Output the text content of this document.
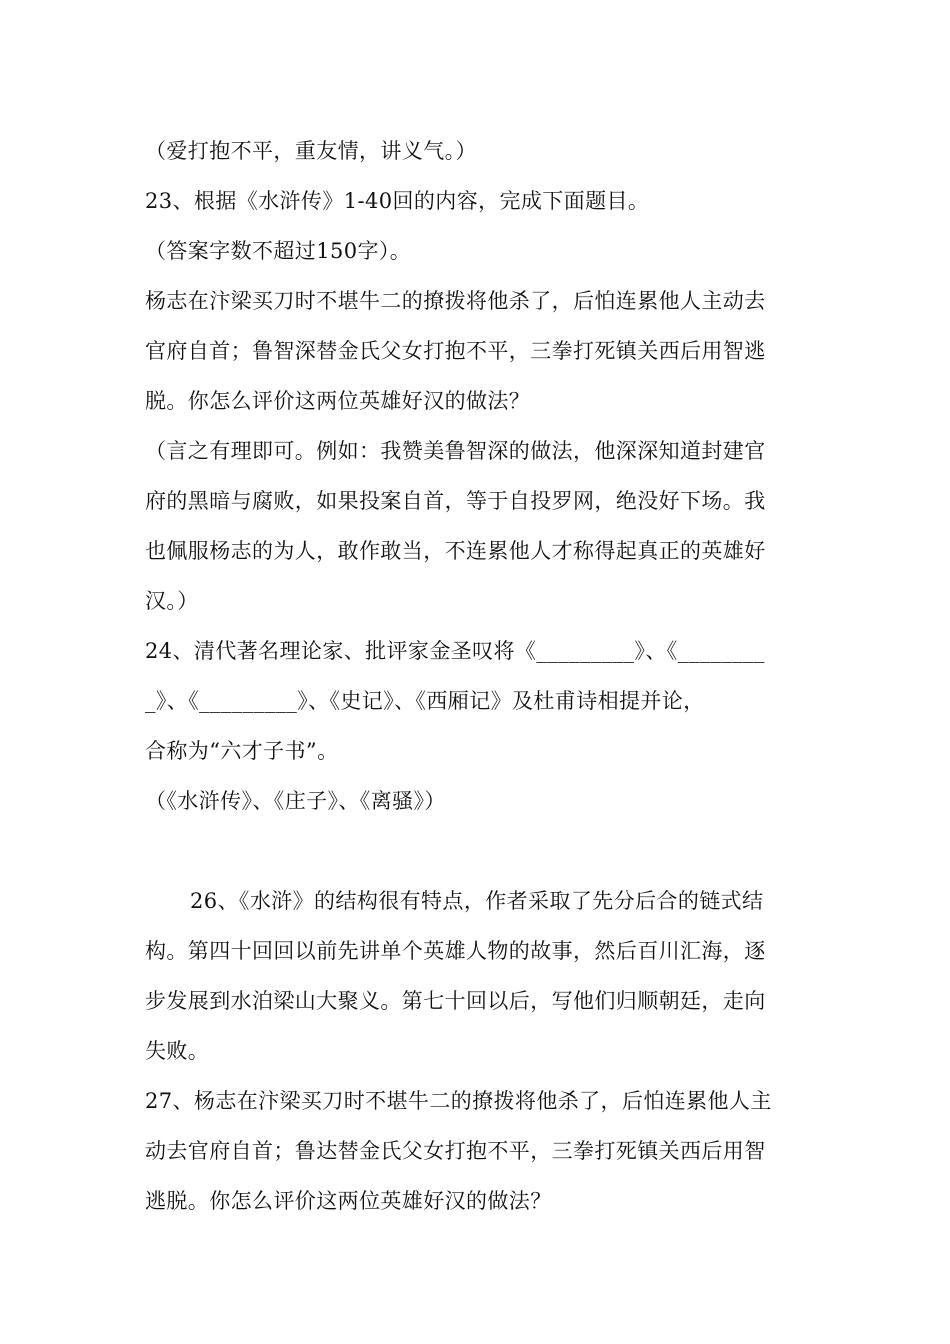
（爱打抱不平，重友情，讲义气。）
23、根据《水浒传》1-40回的内容，完成下面题目。
（答案字数不超过150字）。
杨志在汴梁买刀时不堪牛二的撩拨将他杀了，后怕连累他人主动去
官府自首；鲁智深替金氏父女打抱不平，三拳打死镇关西后用智逃
脱。你怎么评价这两位英雄好汉的做法？
（言之有理即可。例如：我赞美鲁智深的做法，他深深知道封建官
府的黑暗与腐败，如果投案自首，等于自投罗网，绝没好下场。我
也佩服杨志的为人，敢作敢当，不连累他人才称得起真正的英雄好
汉。）
24、清代著名理论家、批评家金圣叹将《_________》、《________
_》、《_________》、《史记》、《西厢记》及杜甫诗相提并论，
合称为“六才子书”。
（《水浒传》、《庄子》、《离骚》）
26、《水浒》的结构很有特点，作者采取了先分后合的链式结
构。第四十回回以前先讲单个英雄人物的故事，然后百川汇海，逐
步发展到水泊梁山大聚义。第七十回以后，写他们归顺朝廷，走向
失败。
27、杨志在汴梁买刀时不堪牛二的撩拨将他杀了，后怕连累他人主
动去官府自首；鲁达替金氏父女打抱不平，三拳打死镇关西后用智
逃脱。你怎么评价这两位英雄好汉的做法？
